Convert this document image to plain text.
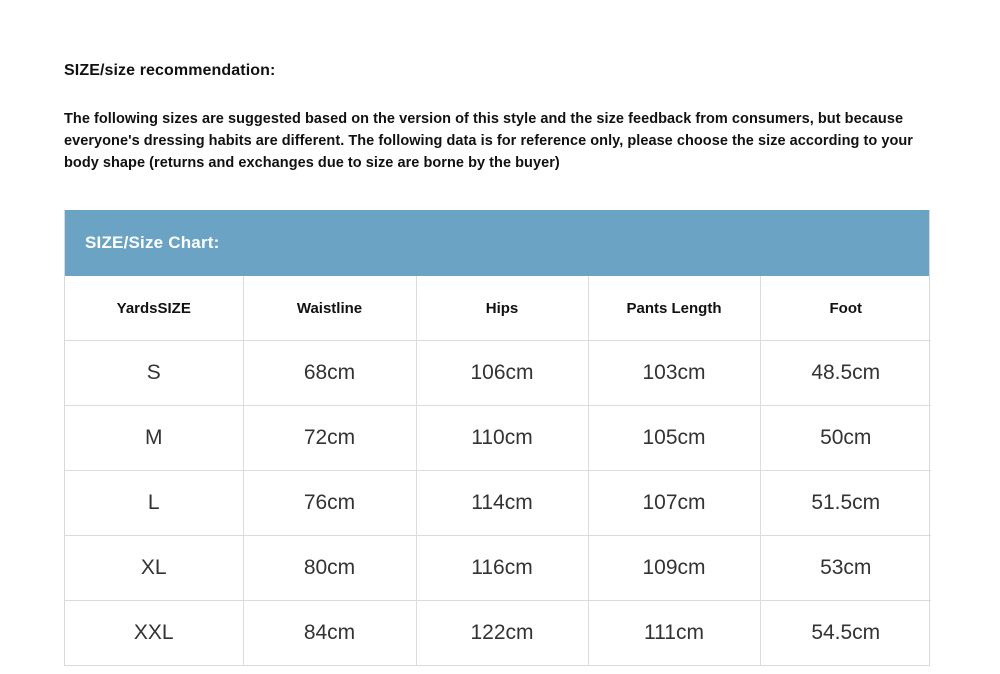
SIZE/size recommendation:
The following sizes are suggested based on the version of this style and the size feedback from consumers, but because everyone's dressing habits are different. The following data is for reference only, please choose the size according to your body shape (returns and exchanges due to size are borne by the buyer)
SIZE/Size Chart:
YardsSIZE	Waistline	Hips	Pants Length	Foot
S	68cm	106cm	103cm	48.5cm
M	72cm	110cm	105cm	50cm
L	76cm	114cm	107cm	51.5cm
XL	80cm	116cm	109cm	53cm
XXL	84cm	122cm	111cm	54.5cm
